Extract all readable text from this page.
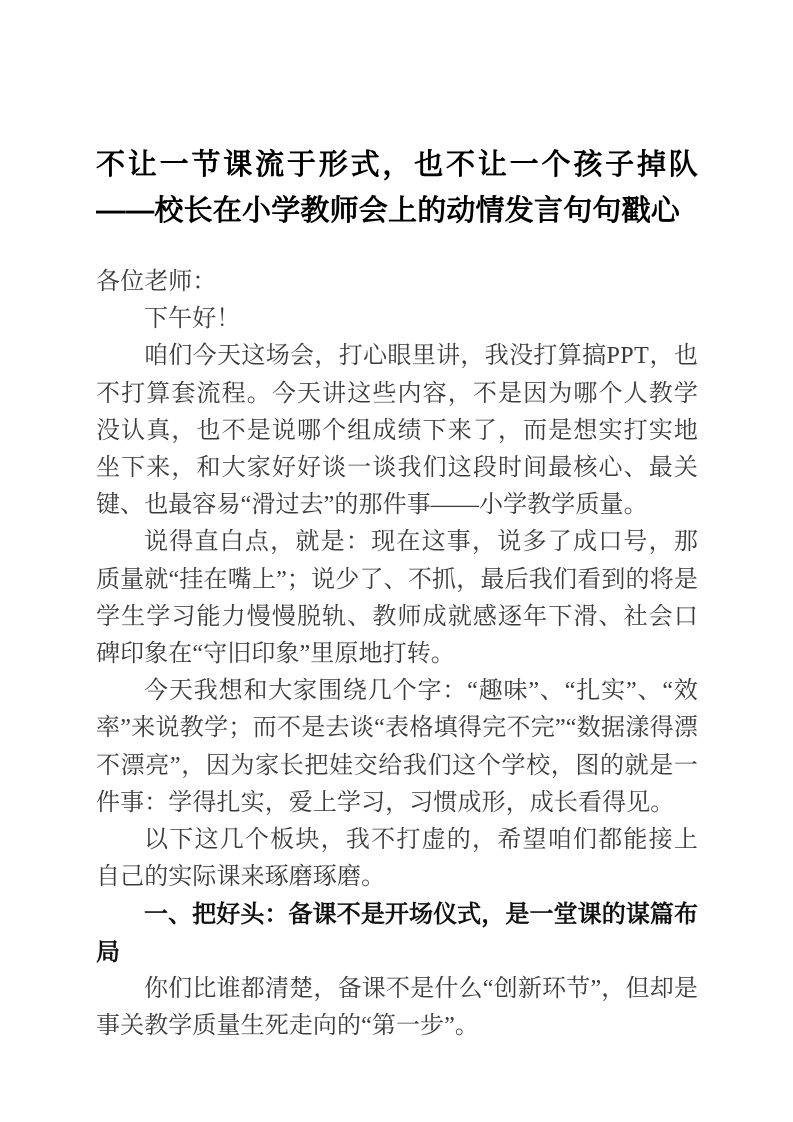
不让一节课流于形式，也不让一个孩子掉队——校长在小学教师会上的动情发言句句戳心

各位老师：

下午好！

咱们今天这场会，打心眼里讲，我没打算搞PPT，也不打算套流程。今天讲这些内容，不是因为哪个人教学没认真，也不是说哪个组成绩下来了，而是想实打实地坐下来，和大家好好谈一谈我们这段时间最核心、最关键、也最容易“滑过去”的那件事——小学教学质量。

说得直白点，就是：现在这事，说多了成口号，那质量就“挂在嘴上”；说少了、不抓，最后我们看到的将是学生学习能力慢慢脱轨、教师成就感逐年下滑、社会口碑印象在“守旧印象”里原地打转。

今天我想和大家围绕几个字：“趣味”、“扎实”、“效率”来说教学；而不是去谈“表格填得完不完”“数据漾得漂不漂亮”，因为家长把娃交给我们这个学校，图的就是一件事：学得扎实，爱上学习，习惯成形，成长看得见。

以下这几个板块，我不打虚的，希望咱们都能接上自己的实际课来琢磨琢磨。

一、把好头：备课不是开场仪式，是一堂课的谋篇布局

你们比谁都清楚，备课不是什么“创新环节”，但却是事关教学质量生死走向的“第一步”。
